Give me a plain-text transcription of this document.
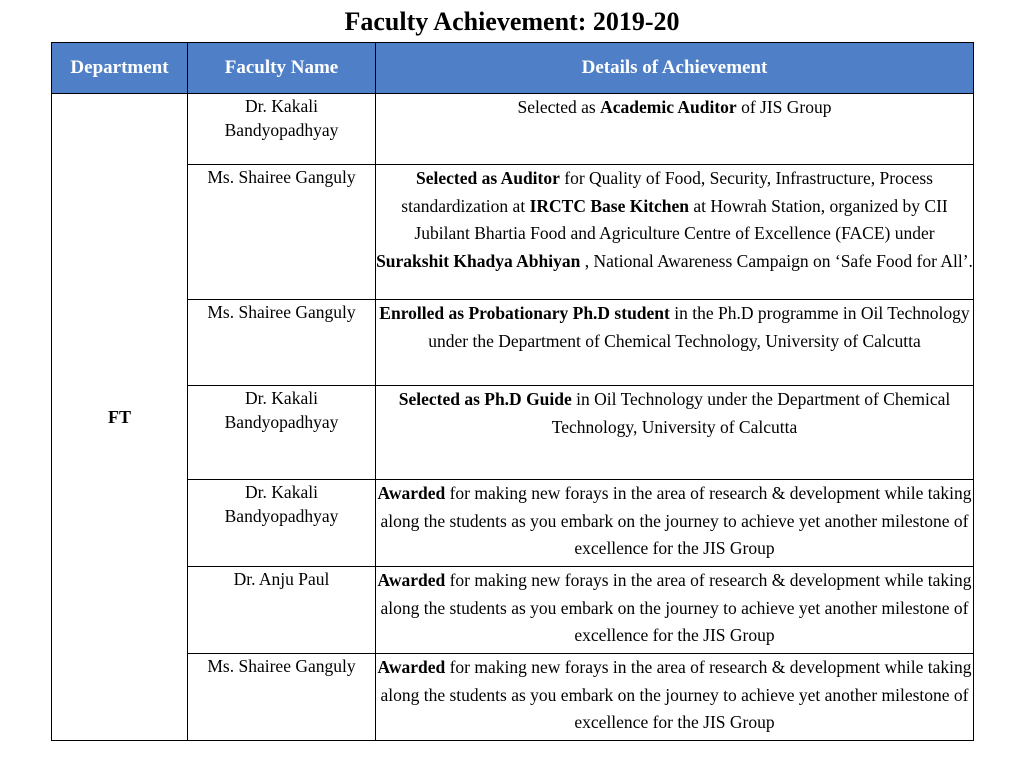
Faculty Achievement: 2019-20
Department	Faculty Name	Details of Achievement
FT	Dr. Kakali Bandyopadhyay	Selected as Academic Auditor of JIS Group
	Ms. Shairee Ganguly	Selected as Auditor for Quality of Food, Security, Infrastructure, Process standardization at IRCTC Base Kitchen at Howrah Station, organized by CII Jubilant Bhartia Food and Agriculture Centre of Excellence (FACE) under Surakshit Khadya Abhiyan , National Awareness Campaign on ‘Safe Food for All’.
	Ms. Shairee Ganguly	Enrolled as Probationary Ph.D student in the Ph.D programme in Oil Technology under the Department of Chemical Technology, University of Calcutta
	Dr. Kakali Bandyopadhyay	Selected as Ph.D Guide in Oil Technology under the Department of Chemical Technology, University of Calcutta
	Dr. Kakali Bandyopadhyay	Awarded for making new forays in the area of research & development while taking along the students as you embark on the journey to achieve yet another milestone of excellence for the JIS Group
	Dr. Anju Paul	Awarded for making new forays in the area of research & development while taking along the students as you embark on the journey to achieve yet another milestone of excellence for the JIS Group
	Ms. Shairee Ganguly	Awarded for making new forays in the area of research & development while taking along the students as you embark on the journey to achieve yet another milestone of excellence for the JIS Group
